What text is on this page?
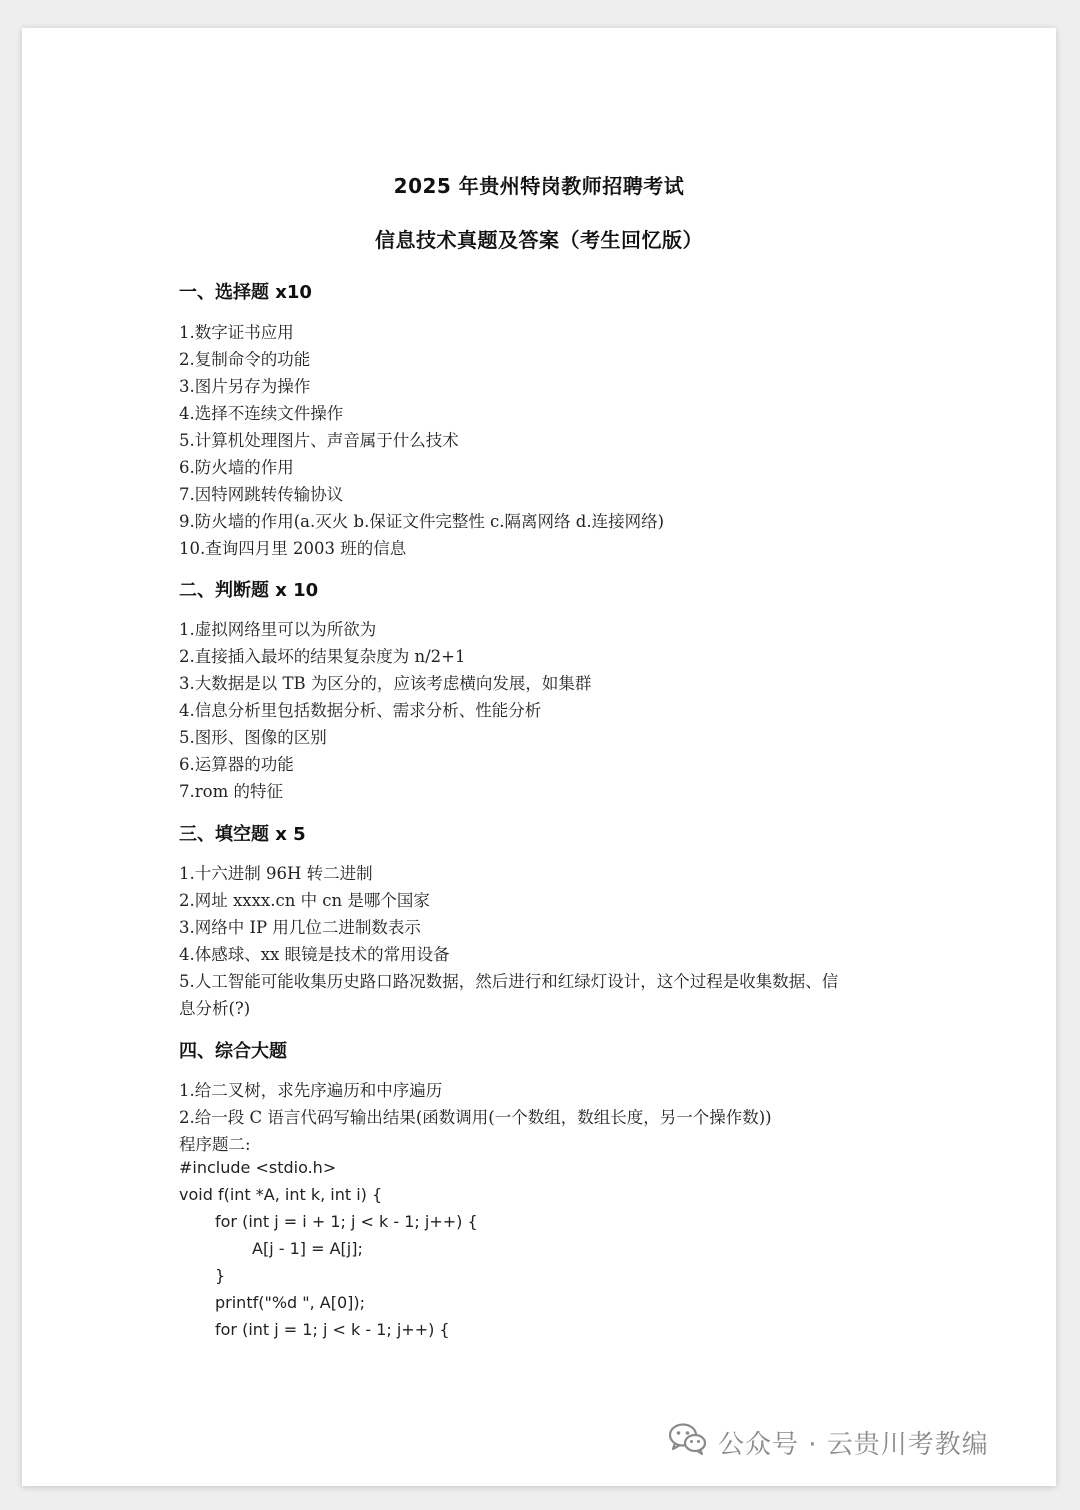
2025 年贵州特岗教师招聘考试
信息技术真题及答案（考生回忆版）
一、选择题 x10
1.数字证书应用
2.复制命令的功能
3.图片另存为操作
4.选择不连续文件操作
5.计算机处理图片、声音属于什么技术
6.防火墙的作用
7.因特网跳转传输协议
9.防火墙的作用(a.灭火 b.保证文件完整性 c.隔离网络 d.连接网络)
10.查询四月里 2003 班的信息
二、判断题 x 10
1.虚拟网络里可以为所欲为
2.直接插入最坏的结果复杂度为 n/2+1
3.大数据是以 TB 为区分的，应该考虑横向发展，如集群
4.信息分析里包括数据分析、需求分析、性能分析
5.图形、图像的区别
6.运算器的功能
7.rom 的特征
三、填空题 x 5
1.十六进制 96H 转二进制
2.网址 xxxx.cn 中 cn 是哪个国家
3.网络中 IP 用几位二进制数表示
4.体感球、xx 眼镜是技术的常用设备
5.人工智能可能收集历史路口路况数据，然后进行和红绿灯设计，这个过程是收集数据、信
息分析(?)
四、综合大题
1.给二叉树，求先序遍历和中序遍历
2.给一段 C 语言代码写输出结果(函数调用(一个数组，数组长度，另一个操作数))
程序题二:
#include <stdio.h>
void f(int *A, int k, int i) {
for (int j = i + 1; j < k - 1; j++) {
A[j - 1] = A[j];
}
printf("%d ", A[0]);
for (int j = 1; j < k - 1; j++) {
公众号 · 云贵川考教编
